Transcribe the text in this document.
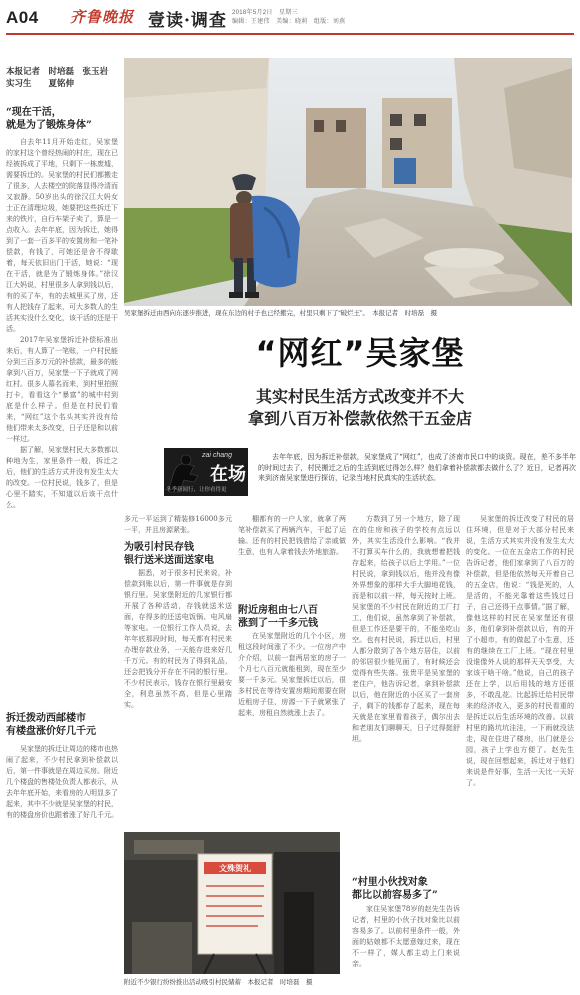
A04 齐鲁晚报 壹读·调查 2018年5月2日　星期三
编辑：王建伟　美编：晓莉　组版：刘燕
本报记者　时培磊　张玉岩
实习生　　夏铭伸
“现在干活，
就是为了锻炼身体”

自去年11月开始走红，吴家堡的家村这个曾经热闹的村庄，现在已经被拆成了平地，只剩下一栋废墟，需要拆迁的。吴家堡的村民们都搬走了很多，人去楼空的院落显得冷清而又寂静。50岁出头的徐汉江大妈女士正在清理垃圾，她要把这些拆迁下来的铁片，自行车架子卖了，算是一点收入。去年年底，因为拆迁，她得到了一套一百多平的安置房和一笔补偿款，有钱了，可她还是舍不得歇着，每天依旧出门干活，她说：“现在干活，就是为了锻炼身体。”徐汉江大妈说，村里很多人拿到钱以后，有的买了车，有的去城里买了房，还有人把钱存了起来，可大多数人的生活其实没什么变化，该干活的还是干活。

2017年吴家堡拆迁补偿标准出来后，有人算了一笔账，一户村民能分到三百多万元的补偿款，最多的能拿到八百万，吴家堡一下子就成了网红村。很多人慕名而来，到村里拍照打卡，看看这个“暴富”的城中村到底是什么样子。但是在村民们看来，“网红”这个名头其实并没有给他们带来太多改变，日子还是和以前一样过。

据了解，吴家堡村民大多数都以种地为生，家里条件一般，拆迁之后，他们的生活方式并没有发生太大的改变。一位村民说，钱多了，但是心里不踏实，不知道以后该干点什么。

拆迁拨动西邮楼市
有楼盘涨价好几千元

吴家堡的拆迁让周边的楼市也热闹了起来，不少村民拿到补偿款以后，第一件事就是在周边买房。附近几个楼盘的售楼处负责人都表示，从去年年底开始，来看房的人明显多了起来，其中不少就是吴家堡的村民，有的楼盘房价也跟着涨了好几千元。

吴家堡拆迁由西向东逐步推进，现在东边的村子也已经搬完，村里只剩下了“破烂王”。　本报记者　时培磊　摄
“网红”吴家堡
其实村民生活方式改变并不大
拿到八百万补偿款依然干五金店
zai chang
在场
冬季新闻行，让你看得更
去年年底，因为拆迁补偿款，吴家堡成了“网红”，也成了济南市民口中的谈资。现在，差不多半年的时间过去了，村民搬迁之后的生活到底过得怎么样？他们拿着补偿款都去做什么了？近日，记者再次来到济南吴家堡进行探访，记录当地村民真实的生活状态。
多元一平运到了精装修16000多元一平，并且房源紧张。
为吸引村民存钱
银行送米送面送家电
据悉，对于很多村民来说，补偿款到账以后，第一件事就是存到银行里。吴家堡附近的几家银行都开展了各种活动，存钱就送米送面，存得多的还送电饭锅、电风扇等家电。一位银行工作人员说，去年年底那段时间，每天都有村民来办理存款业务，一天能存进来好几千万元。有的村民为了得到礼品，还会把钱分开存在不同的银行里。不少村民表示，钱存在银行里最安全，利息虽然不高，但是心里踏实。
棚都有的一户人家，就拿了两笔补偿款买了两辆汽车，干起了运输。还有的村民把钱借给了亲戚做生意，也有人拿着钱去外地旅游。
附近房租由七八百
涨到了一千多元钱
在吴家堡附近的几个小区，房租这段时间涨了不少。一位房产中介介绍，以前一套两居室的房子一个月七八百元就能租到，现在至少要一千多元。吴家堡拆迁以后，很多村民在等待安置房期间需要在附近租房子住，房源一下子就紧张了起来，房租自然就涨上去了。
方数到了另一个地方，除了现在的住房和孩子的学校有点远以外，其实生活没什么影响。“我并不打算买车什么的，我就想着把钱存起来，给孩子以后上学用。”一位村民说，拿到钱以后，他并没有像外界想象的那样大手大脚地花钱，而是和以前一样，每天按时上班。吴家堡的不少村民在附近的工厂打工，他们说，虽然拿到了补偿款，但是工作还是要干的，不能坐吃山空。也有村民说，拆迁以后，村里人都分散到了各个地方居住，以前的邻居很少能见面了，有时候还会觉得有些失落。张贵平是吴家堡的老住户，他告诉记者，拿到补偿款以后，他在附近的小区买了一套房子，剩下的钱都存了起来，现在每天就是在家里看看孩子，偶尔出去和老朋友们聊聊天，日子过得挺舒坦。
“村里小伙找对象
都比以前容易多了”
家住吴家堡78岁的赵先生告诉记者，村里的小伙子找对象比以前容易多了。以前村里条件一般，外面的姑娘都不太愿意嫁过来，现在不一样了，媒人都主动上门来说亲。
吴家堡的拆迁改变了村民的居住环境，但是对于大部分村民来说，生活方式其实并没有发生太大的变化。一位在五金店工作的村民告诉记者，他们家拿到了八百万的补偿款，但是他依然每天开着自己的五金店，他说：“钱是死的，人是活的，不能光靠着这些钱过日子，自己还得干点事情。”据了解，像他这样的村民在吴家堡还有很多，他们拿到补偿款以后，有的开了小超市，有的做起了小生意，还有的继续在工厂上班。“现在村里没谁像外人说的那样天天享受，大家该干啥干啥。”他说，自己的孩子还在上学，以后用钱的地方还很多，不敢乱花。比起拆迁给村民带来的经济收入，更多的村民看重的是拆迁以后生活环境的改善。以前村里的路坑坑洼洼，一下雨就没法走，现在住进了楼房，出门就是公园，孩子上学也方便了。赵先生说，现在回想起来，拆迁对于他们来说是件好事，生活一天比一天好了。
文殊贺礼
附近不少银行纷纷推出活动吸引村民储蓄　本报记者　时培磊　摄
